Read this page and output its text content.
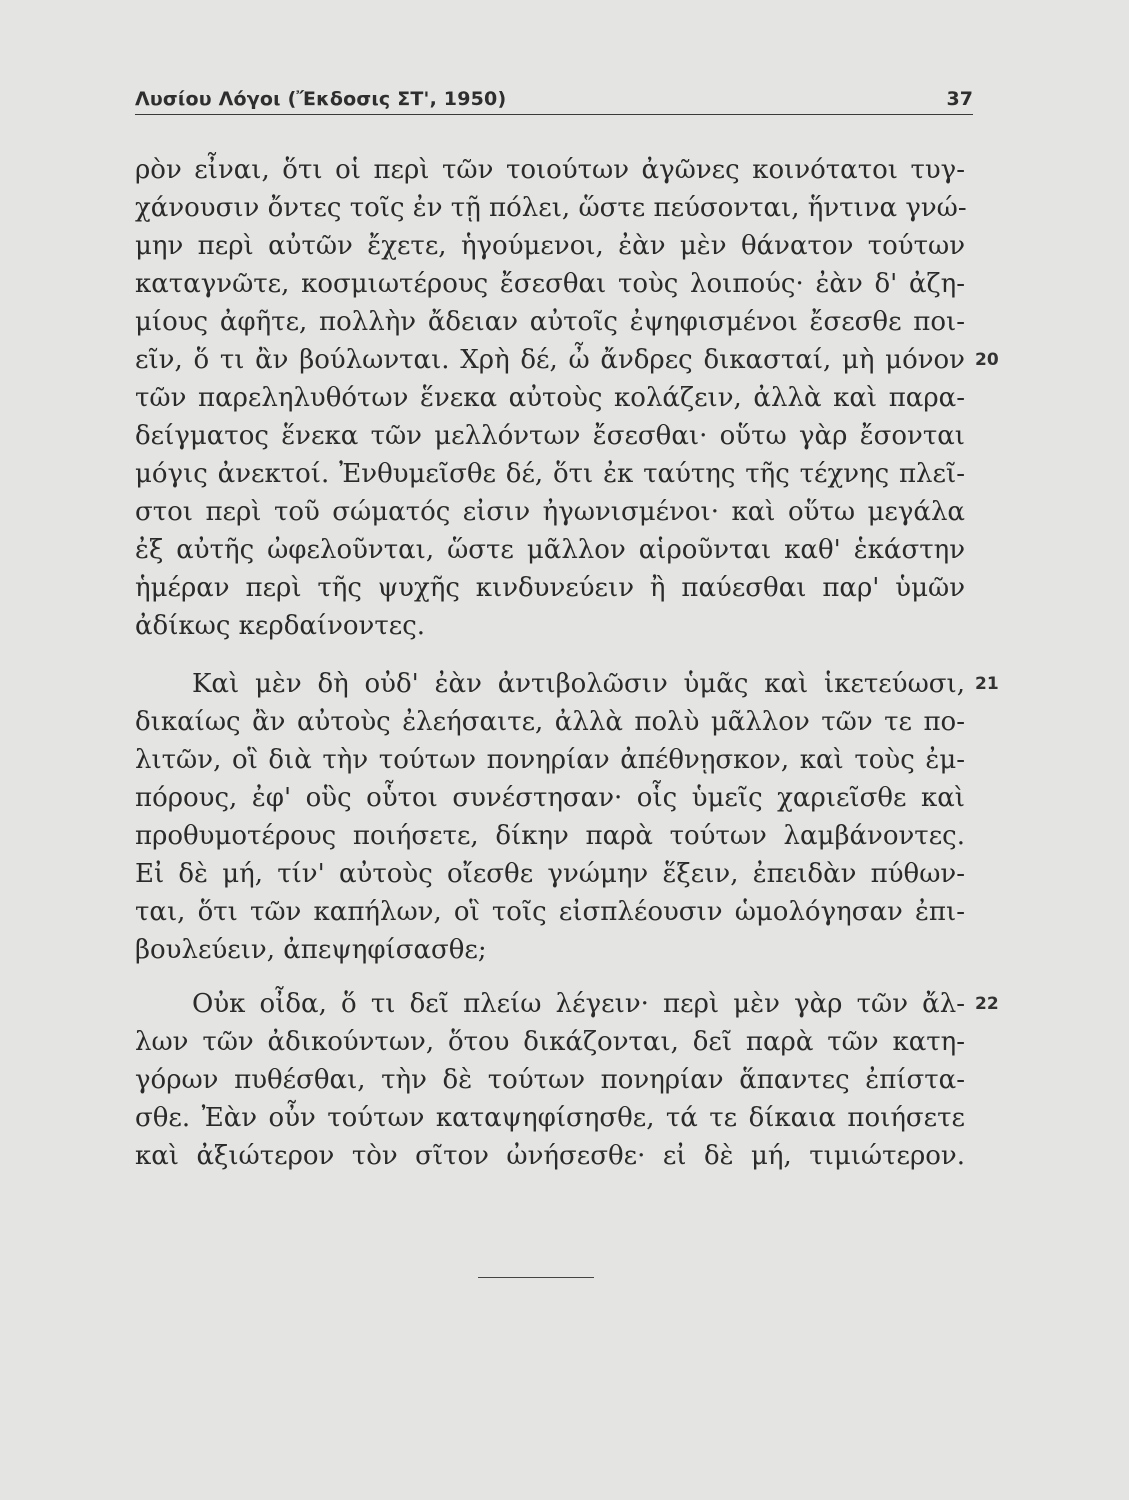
Λυσίου Λόγοι (Ἔκδοσις ΣΤ', 1950)	37
ρὸν εἶναι, ὅτι οἱ περὶ τῶν τοιούτων ἀγῶνες κοινότατοι τυγ-
χάνουσιν ὄντες τοῖς ἐν τῇ πόλει, ὥστε πεύσονται, ἥντινα γνώ-
μην περὶ αὐτῶν ἔχετε, ἡγούμενοι, ἐὰν μὲν θάνατον τούτων
καταγνῶτε, κοσμιωτέρους ἔσεσθαι τοὺς λοιπούς· ἐὰν δ' ἀζη-
μίους ἀφῆτε, πολλὴν ἄδειαν αὐτοῖς ἐψηφισμένοι ἔσεσθε ποι-
εῖν, ὅ τι ἂν βούλωνται. Χρὴ δέ, ὦ ἄνδρες δικασταί, μὴ μόνον
τῶν παρεληλυθότων ἕνεκα αὐτοὺς κολάζειν, ἀλλὰ καὶ παρα-
δείγματος ἕνεκα τῶν μελλόντων ἔσεσθαι· οὕτω γὰρ ἔσονται
μόγις ἀνεκτοί. Ἐνθυμεῖσθε δέ, ὅτι ἐκ ταύτης τῆς τέχνης πλεῖ-
στοι περὶ τοῦ σώματός εἰσιν ἠγωνισμένοι· καὶ οὕτω μεγάλα
ἐξ αὐτῆς ὠφελοῦνται, ὥστε μᾶλλον αἱροῦνται καθ' ἑκάστην
ἡμέραν περὶ τῆς ψυχῆς κινδυνεύειν ἢ παύεσθαι παρ' ὑμῶν
ἀδίκως κερδαίνοντες.
Καὶ μὲν δὴ οὐδ' ἐὰν ἀντιβολῶσιν ὑμᾶς καὶ ἱκετεύωσι,
δικαίως ἂν αὐτοὺς ἐλεήσαιτε, ἀλλὰ πολὺ μᾶλλον τῶν τε πο-
λιτῶν, οἳ διὰ τὴν τούτων πονηρίαν ἀπέθνῃσκον, καὶ τοὺς ἐμ-
πόρους, ἐφ' οὓς οὗτοι συνέστησαν· οἷς ὑμεῖς χαριεῖσθε καὶ
προθυμοτέρους ποιήσετε, δίκην παρὰ τούτων λαμβάνοντες.
Εἰ δὲ μή, τίν' αὐτοὺς οἴεσθε γνώμην ἕξειν, ἐπειδὰν πύθων-
ται, ὅτι τῶν καπήλων, οἳ τοῖς εἰσπλέουσιν ὡμολόγησαν ἐπι-
βουλεύειν, ἀπεψηφίσασθε;
Οὐκ οἶδα, ὅ τι δεῖ πλείω λέγειν· περὶ μὲν γὰρ τῶν ἄλ-
λων τῶν ἀδικούντων, ὅτου δικάζονται, δεῖ παρὰ τῶν κατη-
γόρων πυθέσθαι, τὴν δὲ τούτων πονηρίαν ἅπαντες ἐπίστα-
σθε. Ἐὰν οὖν τούτων καταψηφίσησθε, τά τε δίκαια ποιήσετε
καὶ ἀξιώτερον τὸν σῖτον ὠνήσεσθε· εἰ δὲ μή, τιμιώτερον.
20
21
22
